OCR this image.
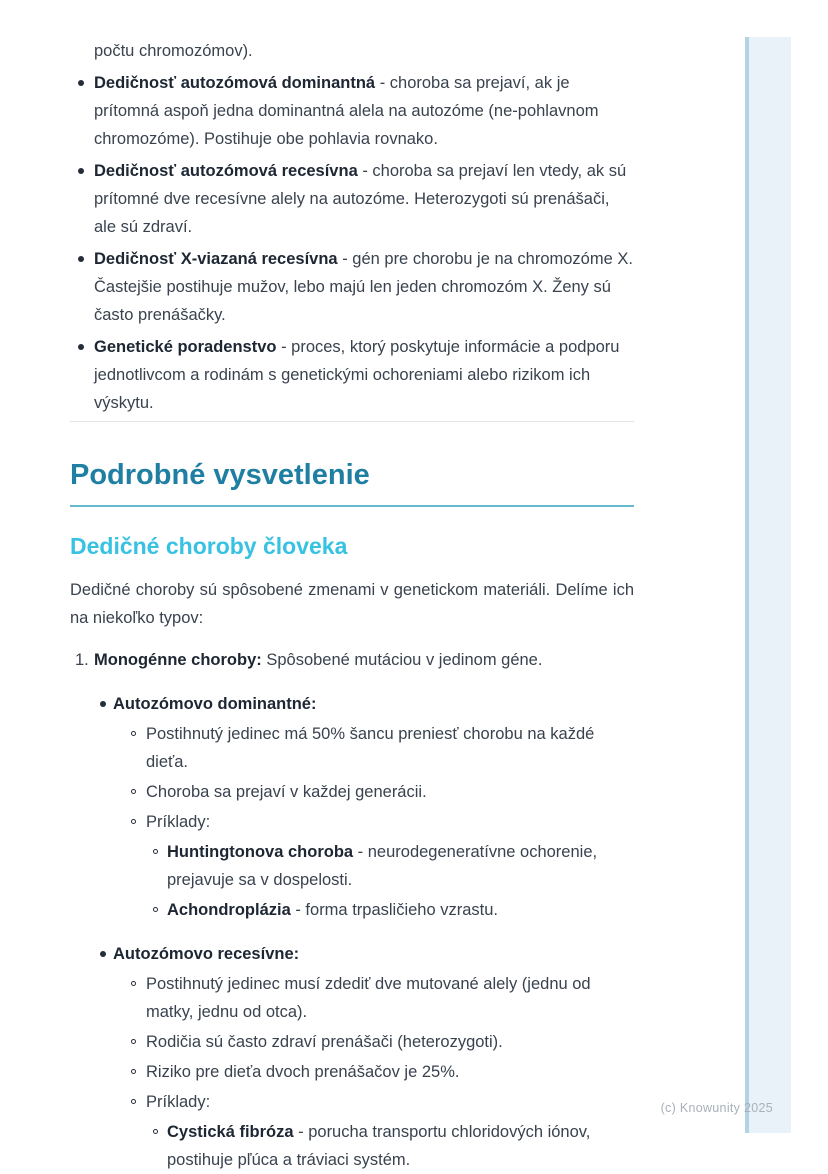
počtu chromozómov).

Dedičnosť autozómová dominantná - choroba sa prejaví, ak je prítomná aspoň jedna dominantná alela na autozóme (ne-pohlavnom chromozóme). Postihuje obe pohlavia rovnako.
Dedičnosť autozómová recesívna - choroba sa prejaví len vtedy, ak sú prítomné dve recesívne alely na autozóme. Heterozygoti sú prenášači, ale sú zdraví.
Dedičnosť X-viazaná recesívna - gén pre chorobu je na chromozóme X. Častejšie postihuje mužov, lebo majú len jeden chromozóm X. Ženy sú často prenášačky.
Genetické poradenstvo - proces, ktorý poskytuje informácie a podporu jednotlivcom a rodinám s genetickými ochoreniami alebo rizikom ich výskytu.
Podrobné vysvetlenie
Dedičné choroby človeka

Dedičné choroby sú spôsobené zmenami v genetickom materiáli. Delíme ich na niekoľko typov:

1. Monogénne choroby: Spôsobené mutáciou v jedinom géne.
Autozómovo dominantné:
Postihnutý jedinec má 50% šancu preniesť chorobu na každé dieťa.
Choroba sa prejaví v každej generácii.
Príklady:
Huntingtonova choroba - neurodegeneratívne ochorenie, prejavuje sa v dospelosti.
Achondroplázia - forma trpasličieho vzrastu.
Autozómovo recesívne:
Postihnutý jedinec musí zdediť dve mutované alely (jednu od matky, jednu od otca).
Rodičia sú často zdraví prenášači (heterozygoti).
Riziko pre dieťa dvoch prenášačov je 25%.
Príklady:
Cystická fibróza - porucha transportu chloridových iónov, postihuje pľúca a tráviaci systém.
(c) Knowunity 2025
